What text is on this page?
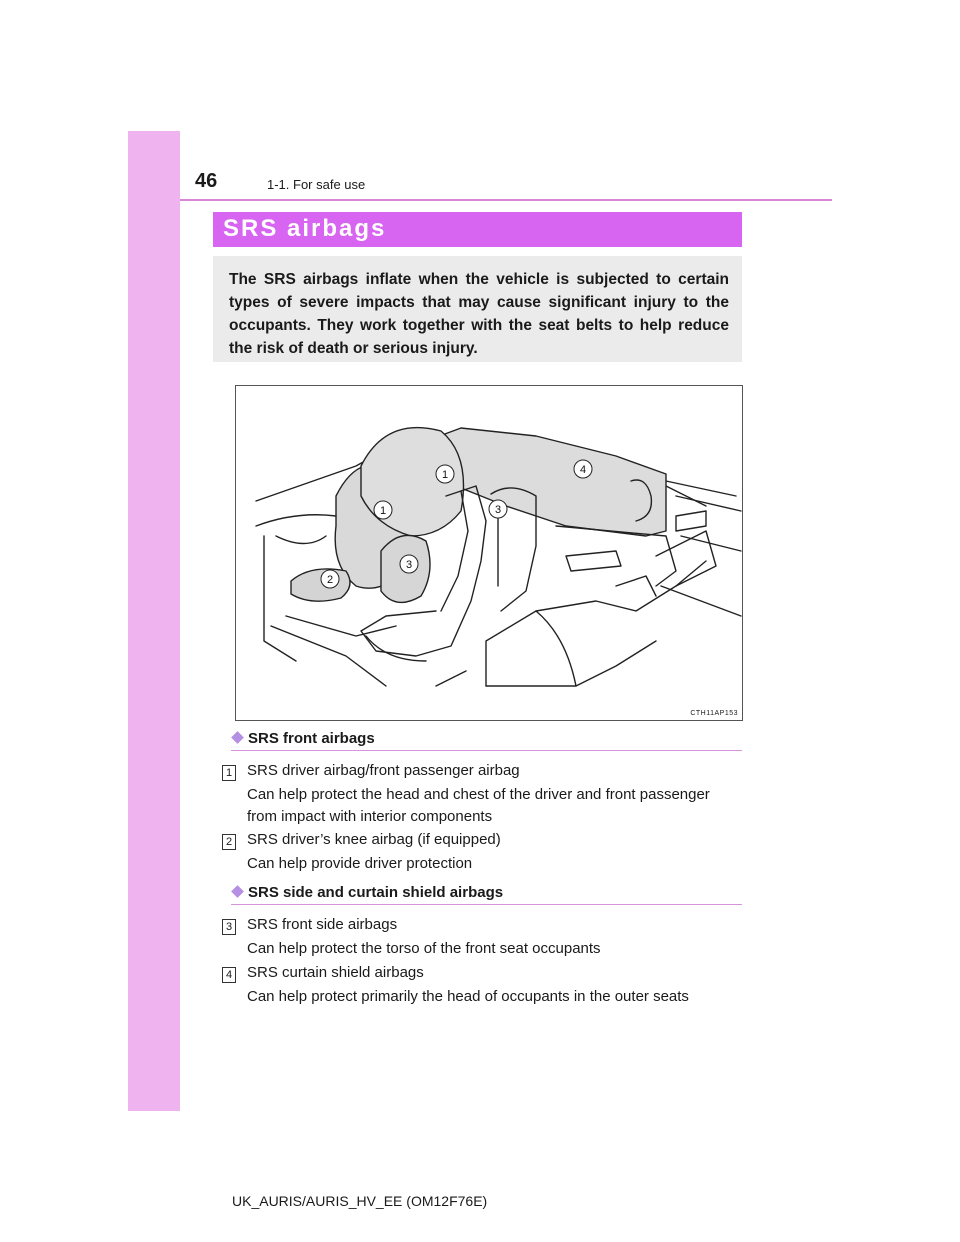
46	1-1. For safe use
SRS airbags
The SRS airbags inflate when the vehicle is subjected to certain types of severe impacts that may cause significant injury to the occupants. They work together with the seat belts to help reduce the risk of death or serious injury.
1
1
2
3
3
4
CTH11AP153
SRS front airbags
1 SRS driver airbag/front passenger airbag
Can help protect the head and chest of the driver and front passenger from impact with interior components
2 SRS driver’s knee airbag (if equipped)
Can help provide driver protection
SRS side and curtain shield airbags
3 SRS front side airbags
Can help protect the torso of the front seat occupants
4 SRS curtain shield airbags
Can help protect primarily the head of occupants in the outer seats
UK_AURIS/AURIS_HV_EE (OM12F76E)
